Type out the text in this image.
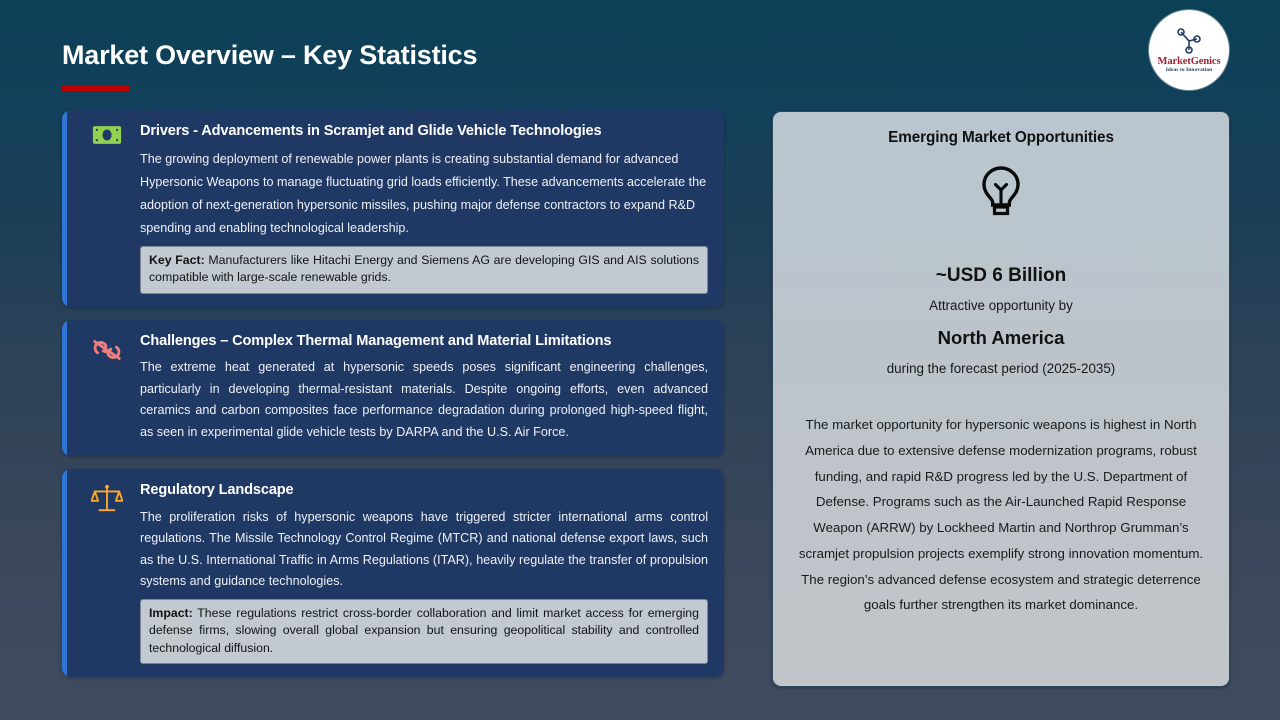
Market Overview – Key Statistics	MarketGenics
Ideas to Innovation
Drivers - Advancements in Scramjet and Glide Vehicle Technologies
The growing deployment of renewable power plants is creating substantial demand for advanced Hypersonic Weapons to manage fluctuating grid loads efficiently. These advancements accelerate the adoption of next-generation hypersonic missiles, pushing major defense contractors to expand R&D spending and enabling technological leadership.
Key Fact: Manufacturers like Hitachi Energy and Siemens AG are developing GIS and AIS solutions compatible with large-scale renewable grids.
Challenges – Complex Thermal Management and Material Limitations
The extreme heat generated at hypersonic speeds poses significant engineering challenges, particularly in developing thermal-resistant materials. Despite ongoing efforts, even advanced ceramics and carbon composites face performance degradation during prolonged high-speed flight, as seen in experimental glide vehicle tests by DARPA and the U.S. Air Force.
Regulatory Landscape
The proliferation risks of hypersonic weapons have triggered stricter international arms control regulations. The Missile Technology Control Regime (MTCR) and national defense export laws, such as the U.S. International Traffic in Arms Regulations (ITAR), heavily regulate the transfer of propulsion systems and guidance technologies.
Impact: These regulations restrict cross-border collaboration and limit market access for emerging defense firms, slowing overall global expansion but ensuring geopolitical stability and controlled technological diffusion.
Emerging Market Opportunities
~USD 6 Billion
Attractive opportunity by
North America
during the forecast period (2025-2035)
The market opportunity for hypersonic weapons is highest in North America due to extensive defense modernization programs, robust funding, and rapid R&D progress led by the U.S. Department of Defense. Programs such as the Air-Launched Rapid Response Weapon (ARRW) by Lockheed Martin and Northrop Grumman’s scramjet propulsion projects exemplify strong innovation momentum. The region’s advanced defense ecosystem and strategic deterrence goals further strengthen its market dominance.
